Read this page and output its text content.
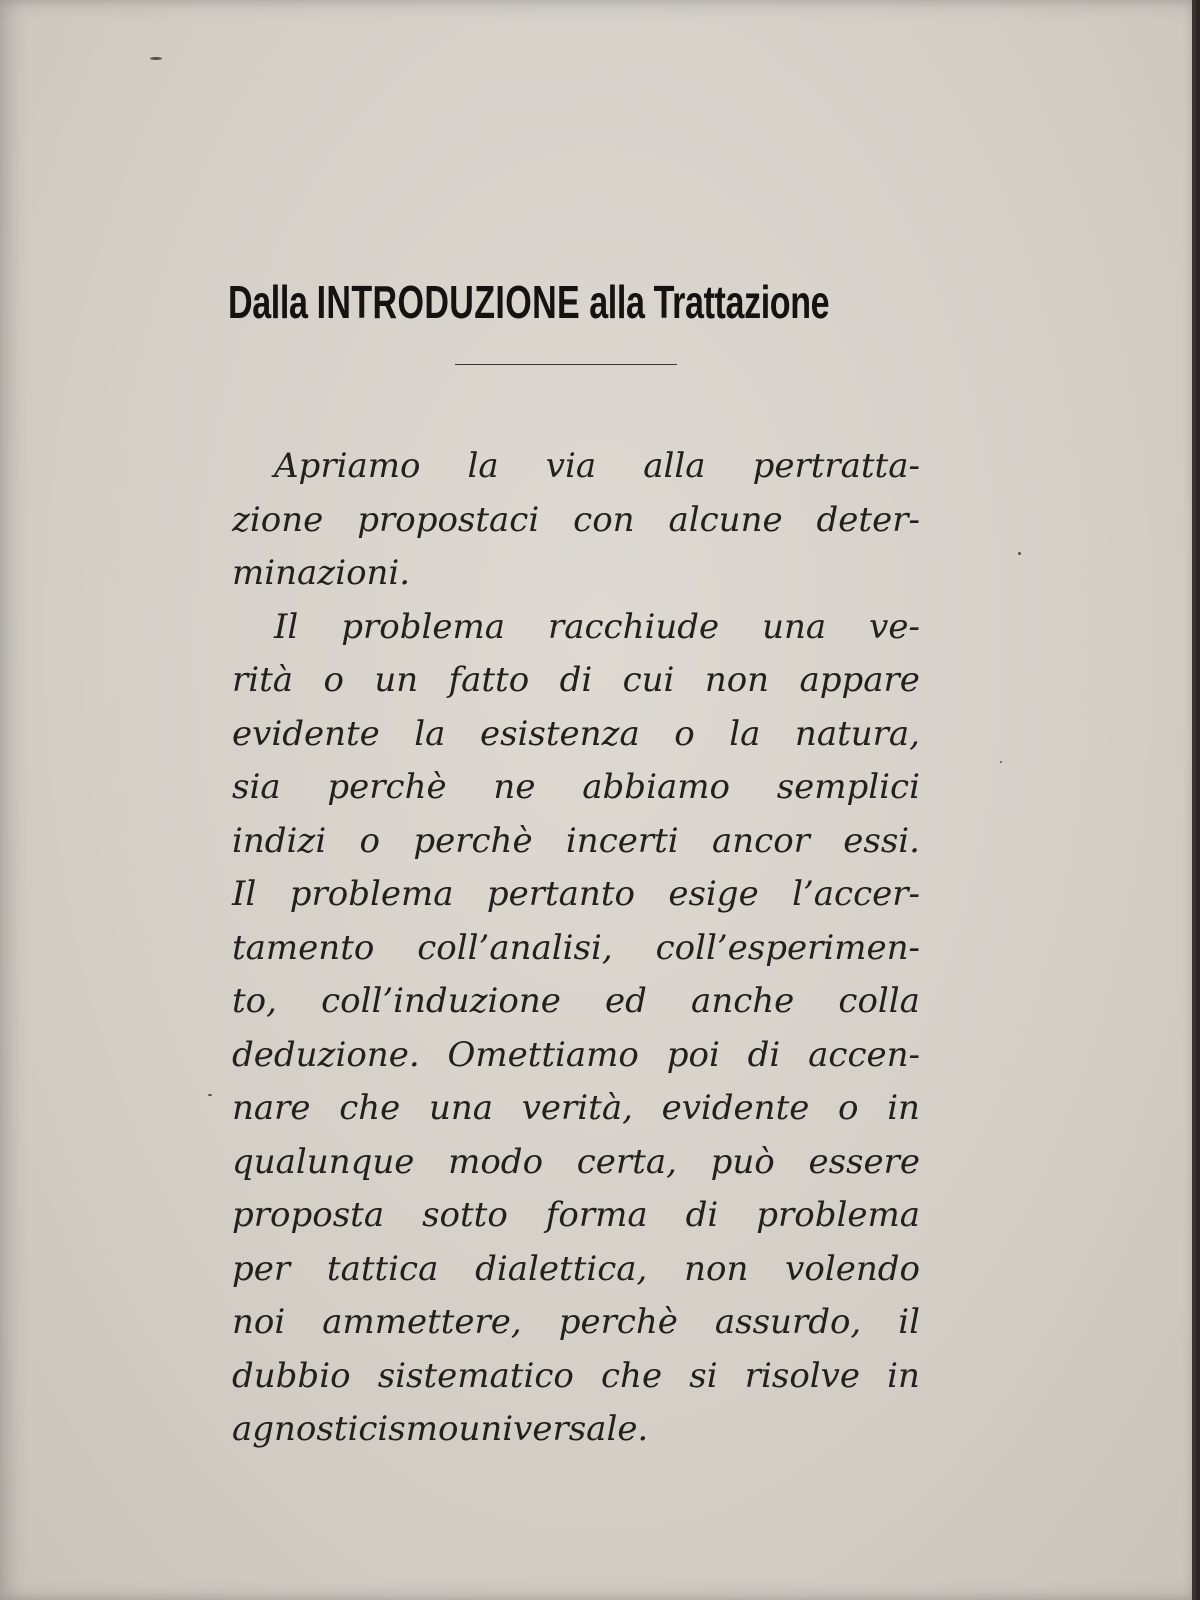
Dalla INTRODUZIONE alla Trattazione
Apriamo la via alla pertratta-
zione propostaci con alcune deter-
minazioni.
Il problema racchiude una ve-
rità o un fatto di cui non appare
evidente la esistenza o la natura,
sia perchè ne abbiamo semplici
indizi o perchè incerti ancor essi.
Il problema pertanto esige l’accer-
tamento coll’analisi, coll’esperimen-
to, coll’induzione ed anche colla
deduzione. Omettiamo poi di accen-
nare che una verità, evidente o in
qualunque modo certa, può essere
proposta sotto forma di problema
per tattica dialettica, non volendo
noi ammettere, perchè assurdo, il
dubbio sistematico che si risolve in
agnosticismo universale.
